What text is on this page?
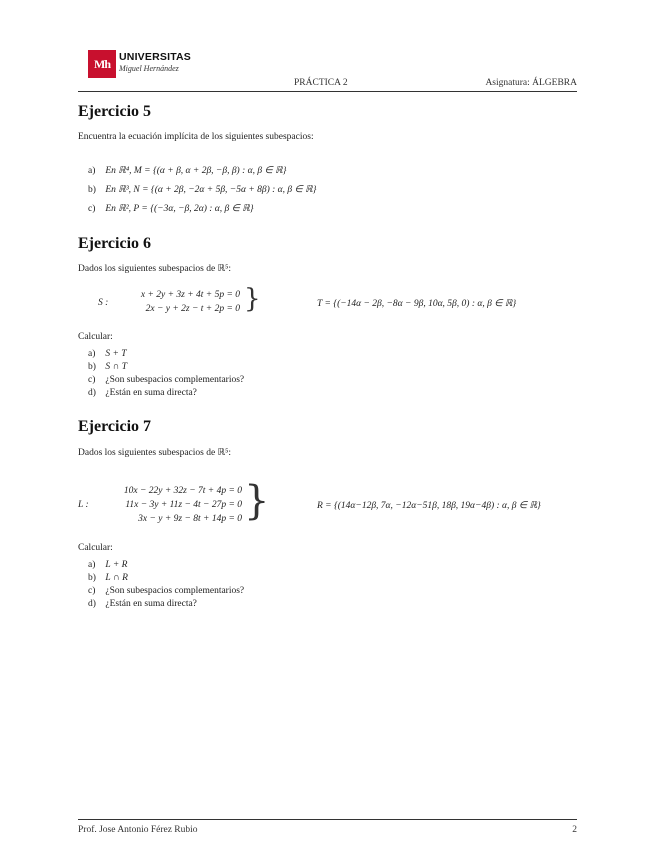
Mh UNIVERSITAS
Miguel Hernández
PRÁCTICA 2	Asignatura: ÁLGEBRA
Ejercicio 5
Encuentra la ecuación implícita de los siguientes subespacios:
a) En ℝ⁴, M = {(α + β, α + 2β, −β, β) : α, β ∈ ℝ}
b) En ℝ³, N = {(α + 2β, −2α + 5β, −5α + 8β) : α, β ∈ ℝ}
c) En ℝ², P = {(−3α, −β, 2α) : α, β ∈ ℝ}
Ejercicio 6
Dados los siguientes subespacios de ℝ⁵:
S :
x + 2y + 3z + 4t + 5p = 0
2x − y + 2z − t + 2p = 0 }	T = {(−14α − 2β, −8α − 9β, 10α, 5β, 0) : α, β ∈ ℝ}
Calcular:
a) S + T
b) S ∩ T
c) ¿Son subespacios complementarios?
d) ¿Están en suma directa?
Ejercicio 7
Dados los siguientes subespacios de ℝ⁵:
L :
10x − 22y + 32z − 7t + 4p = 0
11x − 3y + 11z − 4t − 27p = 0
3x − y + 9z − 8t + 14p = 0 }	R = {(14α−12β, 7α, −12α−51β, 18β, 19α−4β) : α, β ∈ ℝ}
Calcular:
a) L + R
b) L ∩ R
c) ¿Son subespacios complementarios?
d) ¿Están en suma directa?
Prof. Jose Antonio Férez Rubio	2
